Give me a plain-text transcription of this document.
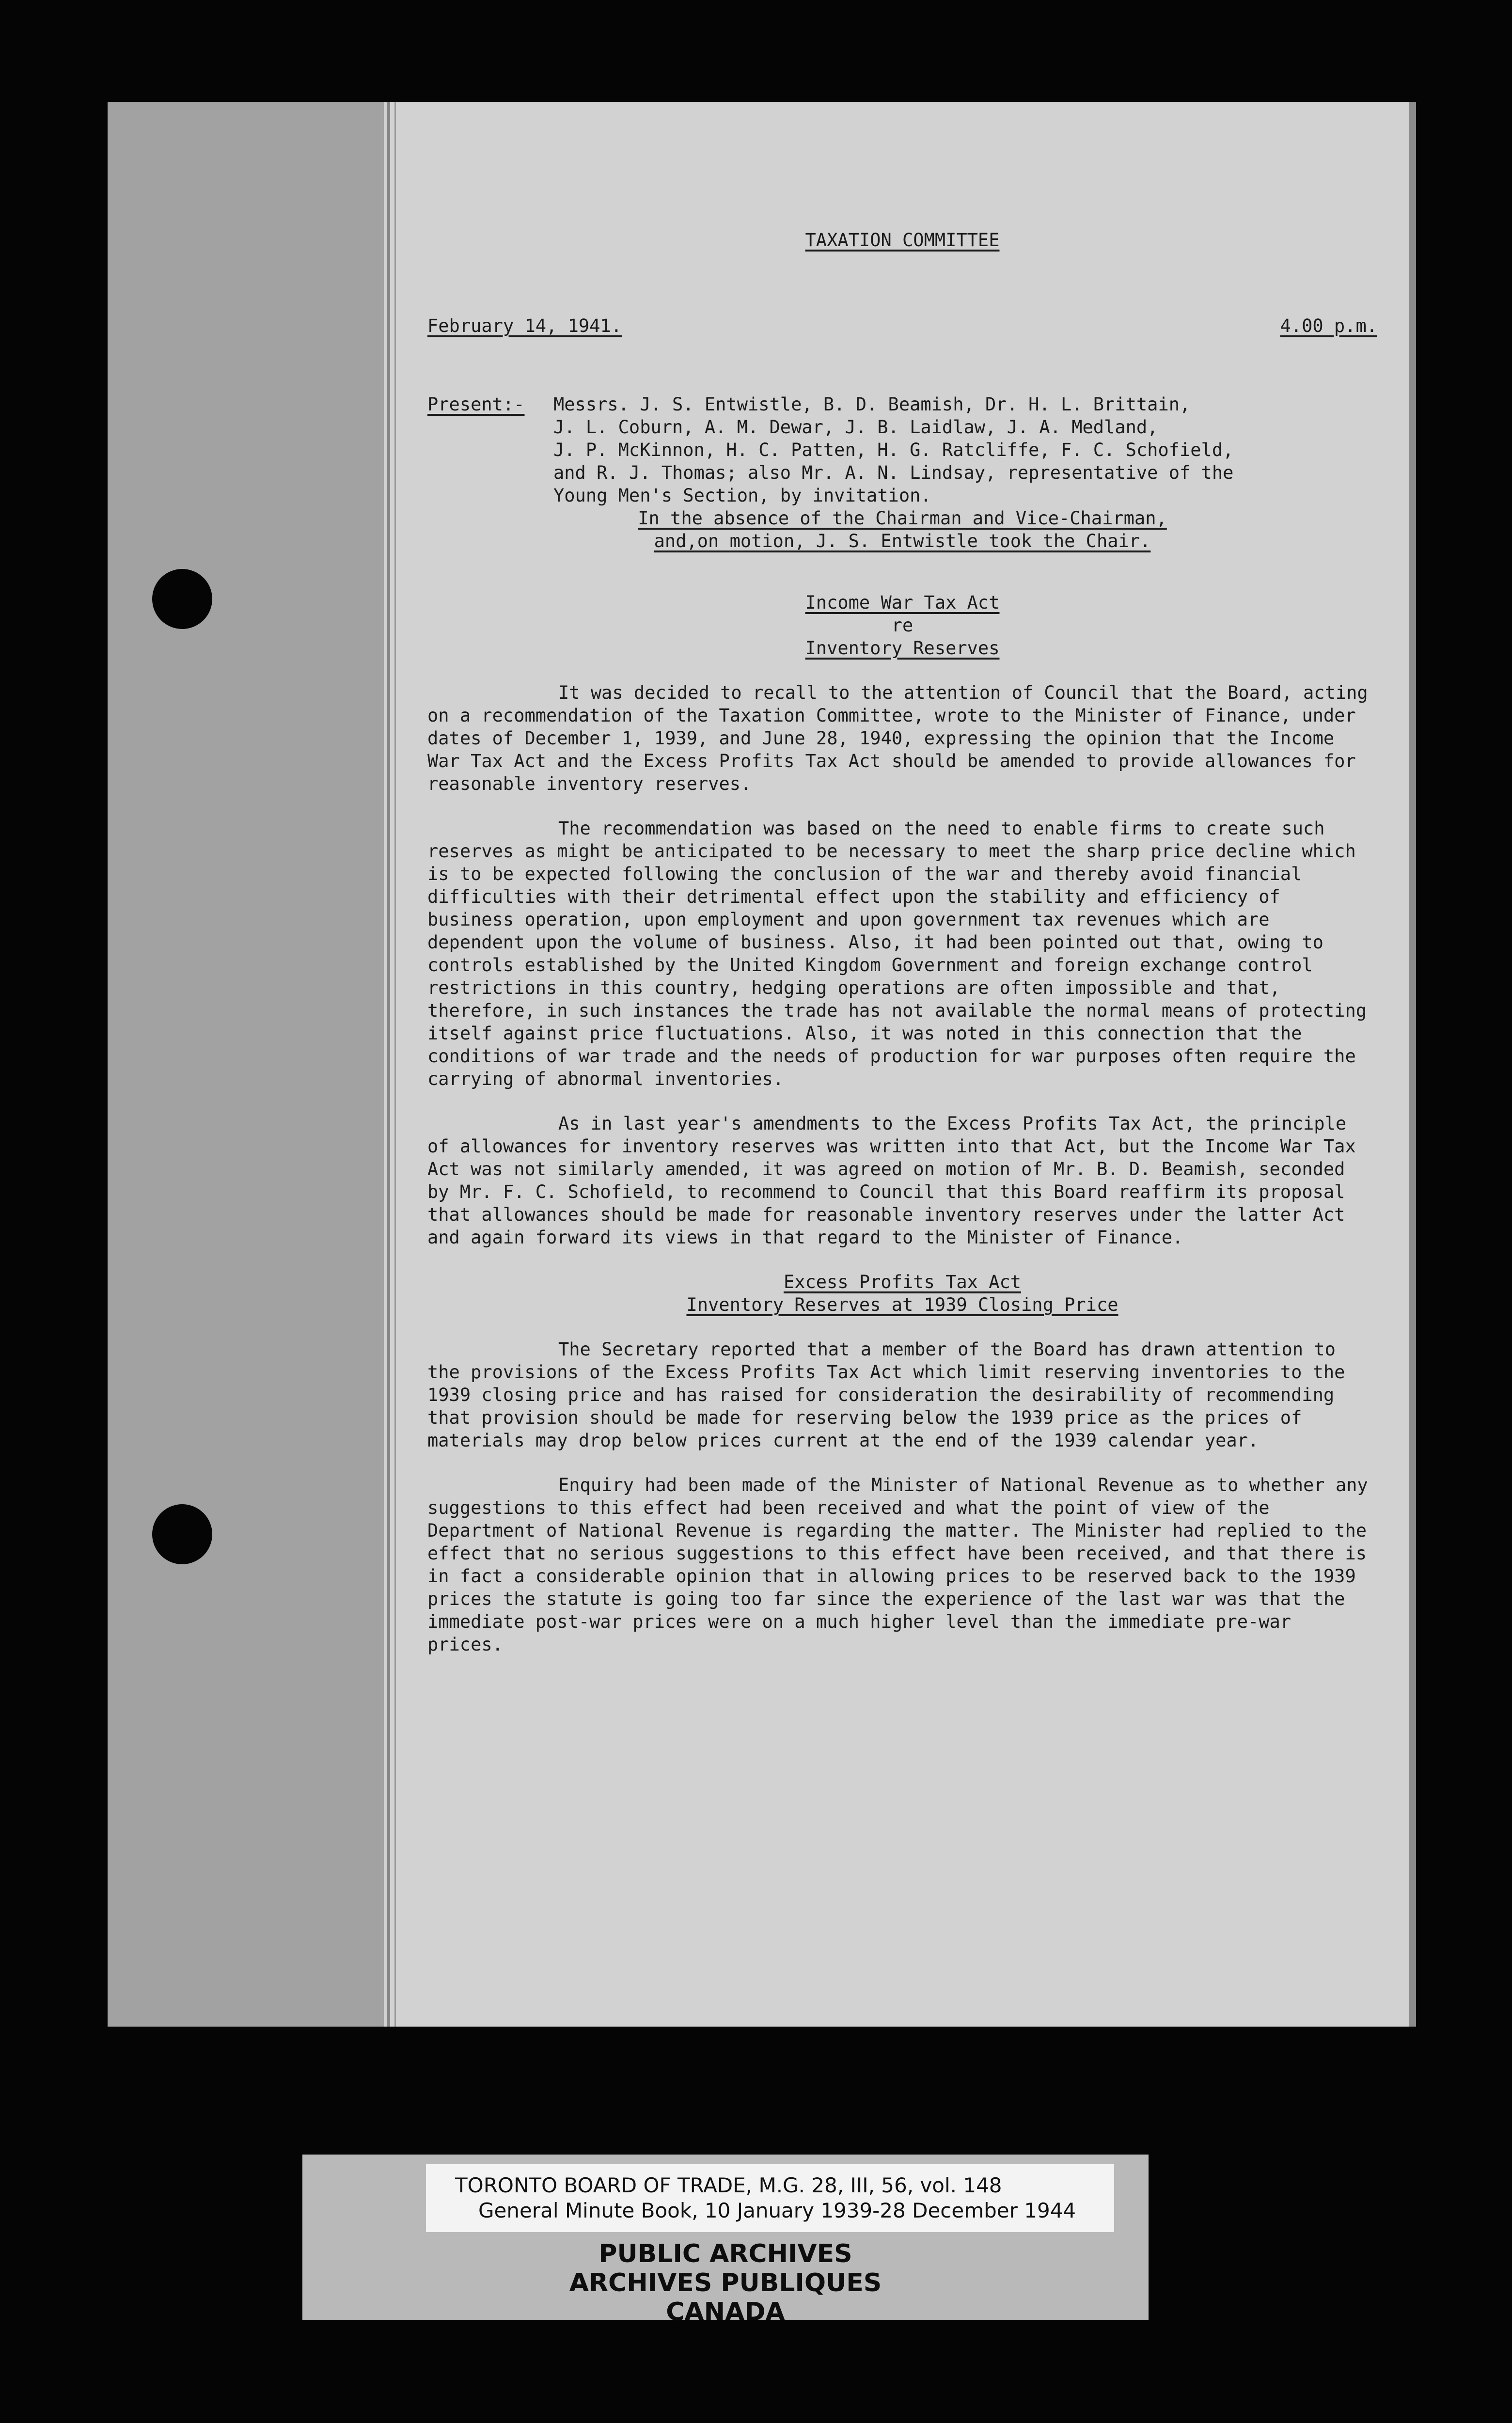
TAXATION COMMITTEE

February 14, 1941.	4.00 p.m.
Present:-	Messrs. J. S. Entwistle, B. D. Beamish, Dr. H. L. Brittain,
J. L. Coburn, A. M. Dewar, J. B. Laidlaw, J. A. Medland,
J. P. McKinnon, H. C. Patten, H. G. Ratcliffe, F. C. Schofield,
and R. J. Thomas; also Mr. A. N. Lindsay, representative of the
Young Men's Section, by invitation.

In the absence of the Chairman and Vice-Chairman,
and,on motion, J. S. Entwistle took the Chair.

Income War Tax Act
re
Inventory Reserves

It was decided to recall to the attention of Council that the Board, acting on a recommendation of the Taxation Committee, wrote to the Minister of Finance, under dates of December 1, 1939, and June 28, 1940, expressing the opinion that the Income War Tax Act and the Excess Profits Tax Act should be amended to provide allowances for reasonable inventory reserves.

The recommendation was based on the need to enable firms to create such reserves as might be anticipated to be necessary to meet the sharp price decline which is to be expected following the conclusion of the war and thereby avoid financial difficulties with their detrimental effect upon the stability and efficiency of business operation, upon employment and upon government tax revenues which are dependent upon the volume of business. Also, it had been pointed out that, owing to controls established by the United Kingdom Government and foreign exchange control restrictions in this country, hedging operations are often impossible and that, therefore, in such instances the trade has not available the normal means of protecting itself against price fluctuations. Also, it was noted in this connection that the conditions of war trade and the needs of production for war purposes often require the carrying of abnormal inventories.

As in last year's amendments to the Excess Profits Tax Act, the principle of allowances for inventory reserves was written into that Act, but the Income War Tax Act was not similarly amended, it was agreed on motion of Mr. B. D. Beamish, seconded by Mr. F. C. Schofield, to recommend to Council that this Board reaffirm its proposal that allowances should be made for reasonable inventory reserves under the latter Act and again forward its views in that regard to the Minister of Finance.

Excess Profits Tax Act
Inventory Reserves at 1939 Closing Price

The Secretary reported that a member of the Board has drawn attention to the provisions of the Excess Profits Tax Act which limit reserving inventories to the 1939 closing price and has raised for consideration the desirability of recommending that provision should be made for reserving below the 1939 price as the prices of materials may drop below prices current at the end of the 1939 calendar year.

Enquiry had been made of the Minister of National Revenue as to whether any suggestions to this effect had been received and what the point of view of the Department of National Revenue is regarding the matter. The Minister had replied to the effect that no serious suggestions to this effect have been received, and that there is in fact a considerable opinion that in allowing prices to be reserved back to the 1939 prices the statute is going too far since the experience of the last war was that the immediate post-war prices were on a much higher level than the immediate pre-war prices.

TORONTO BOARD OF TRADE, M.G. 28, III, 56, vol. 148
General Minute Book, 10 January 1939-28 December 1944
PUBLIC ARCHIVES
ARCHIVES PUBLIQUES
CANADA
